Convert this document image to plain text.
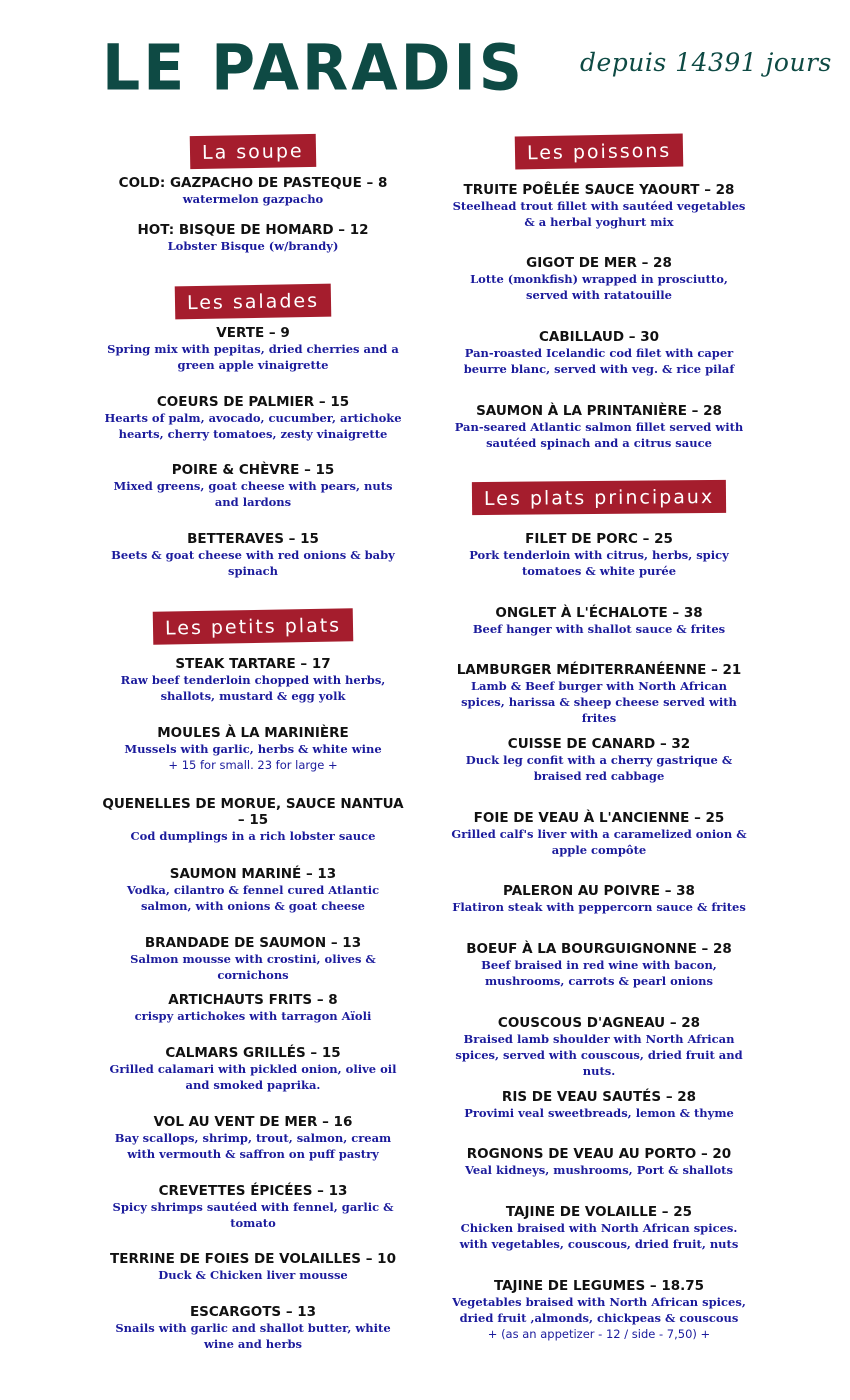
LE PARADIS depuis 14391 jours
La soupe
COLD: GAZPACHO DE PASTEQUE – 8
watermelon gazpacho
HOT: BISQUE DE HOMARD – 12
Lobster Bisque (w/brandy)
Les salades
VERTE – 9
Spring mix with pepitas, dried cherries and a green apple vinaigrette
COEURS DE PALMIER – 15
Hearts of palm, avocado, cucumber, artichoke hearts, cherry tomatoes, zesty vinaigrette
POIRE & CHÈVRE – 15
Mixed greens, goat cheese with pears, nuts and lardons
BETTERAVES – 15
Beets & goat cheese with red onions & baby spinach
Les petits plats
STEAK TARTARE – 17
Raw beef tenderloin chopped with herbs, shallots, mustard & egg yolk
MOULES À LA MARINIÈRE
Mussels with garlic, herbs & white wine
+ 15 for small. 23 for large +
QUENELLES DE MORUE, SAUCE NANTUA – 15
Cod dumplings in a rich lobster sauce
SAUMON MARINÉ – 13
Vodka, cilantro & fennel cured Atlantic salmon, with onions & goat cheese
BRANDADE DE SAUMON – 13
Salmon mousse with crostini, olives & cornichons
ARTICHAUTS FRITS – 8
crispy artichokes with tarragon Aïoli
CALMARS GRILLÉS – 15
Grilled calamari with pickled onion, olive oil and smoked paprika.
VOL AU VENT DE MER – 16
Bay scallops, shrimp, trout, salmon, cream with vermouth & saffron on puff pastry
CREVETTES ÉPICÉES – 13
Spicy shrimps sautéed with fennel, garlic & tomato
TERRINE DE FOIES DE VOLAILLES – 10
Duck & Chicken liver mousse
ESCARGOTS – 13
Snails with garlic and shallot butter, white wine and herbs
Les poissons
TRUITE POÊLÉE SAUCE YAOURT – 28
Steelhead trout fillet with sautéed vegetables & a herbal yoghurt mix
GIGOT DE MER – 28
Lotte (monkfish) wrapped in prosciutto, served with ratatouille
CABILLAUD – 30
Pan-roasted Icelandic cod filet with caper beurre blanc, served with veg. & rice pilaf
SAUMON À LA PRINTANIÈRE – 28
Pan-seared Atlantic salmon fillet served with sautéed spinach and a citrus sauce
Les plats principaux
FILET DE PORC – 25
Pork tenderloin with citrus, herbs, spicy tomatoes & white purée
ONGLET À L'ÉCHALOTE – 38
Beef hanger with shallot sauce & frites
LAMBURGER MÉDITERRANÉENNE – 21
Lamb & Beef burger with North African spices, harissa & sheep cheese served with frites
CUISSE DE CANARD – 32
Duck leg confit with a cherry gastrique & braised red cabbage
FOIE DE VEAU À L'ANCIENNE – 25
Grilled calf's liver with a caramelized onion & apple compôte
PALERON AU POIVRE – 38
Flatiron steak with peppercorn sauce & frites
BOEUF À LA BOURGUIGNONNE – 28
Beef braised in red wine with bacon, mushrooms, carrots & pearl onions
COUSCOUS D'AGNEAU – 28
Braised lamb shoulder with North African spices, served with couscous, dried fruit and nuts.
RIS DE VEAU SAUTÉS – 28
Provimi veal sweetbreads, lemon & thyme
ROGNONS DE VEAU AU PORTO – 20
Veal kidneys, mushrooms, Port & shallots
TAJINE DE VOLAILLE – 25
Chicken braised with North African spices. with vegetables, couscous, dried fruit, nuts
TAJINE DE LEGUMES – 18.75
Vegetables braised with North African spices, dried fruit ,almonds, chickpeas & couscous
+ (as an appetizer - 12 / side - 7,50) +
